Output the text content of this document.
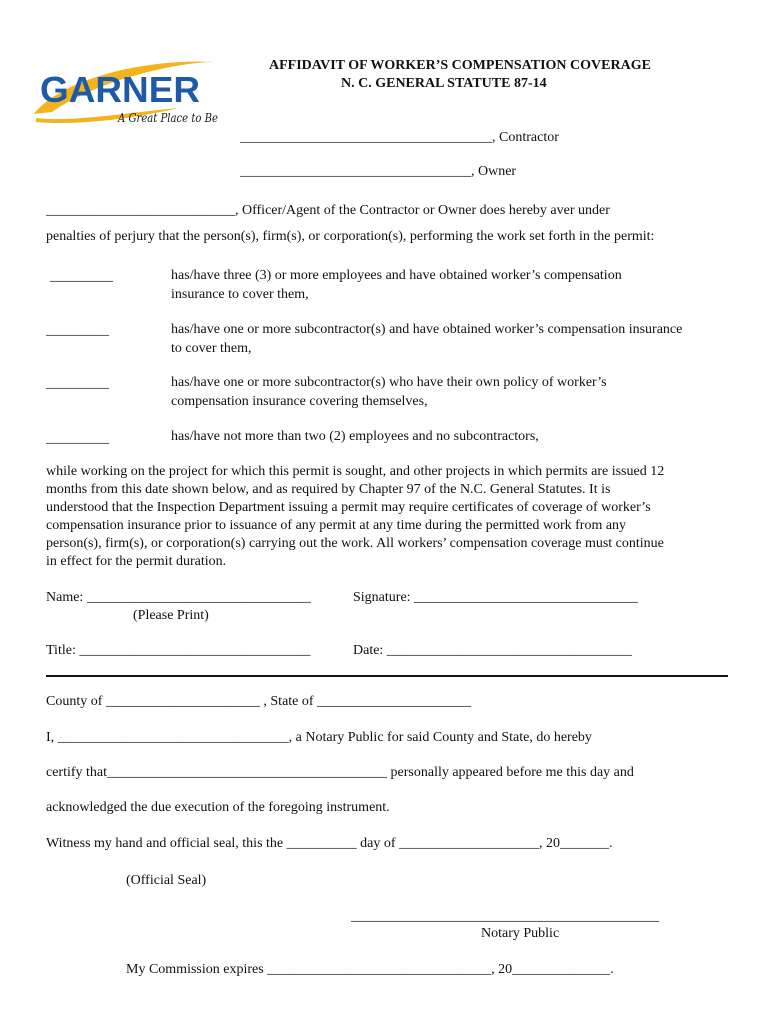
GARNER
A Great Place to Be
AFFIDAVIT OF WORKER’S COMPENSATION COVERAGE
N. C. GENERAL STATUTE 87-14
____________________________________, Contractor
_________________________________, Owner
___________________________, Officer/Agent of the Contractor or Owner does hereby aver under
penalties of perjury that the person(s), firm(s), or corporation(s), performing the work set forth in the permit:
_________	has/have three (3) or more employees and have obtained worker’s compensation
insurance to cover them,
_________	has/have one or more subcontractor(s) and have obtained worker’s compensation insurance
to cover them,
_________	has/have one or more subcontractor(s) who have their own policy of worker’s
compensation insurance covering themselves,
_________	has/have not more than two (2) employees and no subcontractors,
while working on the project for which this permit is sought, and other projects in which permits are issued 12
months from this date shown below, and as required by Chapter 97 of the N.C. General Statutes. It is
understood that the Inspection Department issuing a permit may require certificates of coverage of worker’s
compensation insurance prior to issuance of any permit at any time during the permitted work from any
person(s), firm(s), or corporation(s) carrying out the work. All workers’ compensation coverage must continue
in effect for the permit duration.
Name: ________________________________	Signature: ________________________________
(Please Print)
Title: _________________________________	Date: ___________________________________
County of ______________________ , State of ______________________
I, _________________________________, a Notary Public for said County and State, do hereby
certify that________________________________________ personally appeared before me this day and
acknowledged the due execution of the foregoing instrument.
Witness my hand and official seal, this the __________ day of ____________________, 20_______.
(Official Seal)
____________________________________________
Notary Public
My Commission expires ________________________________, 20______________.
